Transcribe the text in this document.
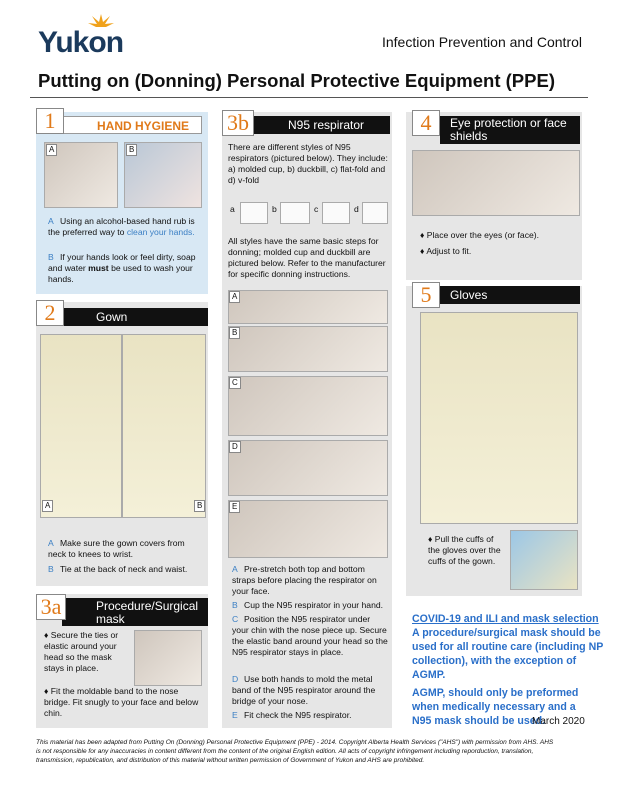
Yukon	Infection Prevention and Control
Putting on (Donning) Personal Protective Equipment (PPE)
HAND HYGIENE
1
A	B
A Using an alcohol-based hand rub is the preferred way to clean your hands.
B If your hands look or feel dirty, soap and water must be used to wash your hands.
Gown
2
A	B
A Make sure the gown covers from neck to knees to wrist.
B Tie at the back of neck and waist.
Procedure/Surgical mask
3a
♦ Secure the ties or elastic around your head so the mask stays in place.
♦ Fit the moldable band to the nose bridge. Fit snugly to your face and below chin.
N95 respirator
3b
There are different styles of N95 respirators (pictured below). They include: a) molded cup, b) duckbill, c) flat-fold and d) v-fold
a	b	c	d
All styles have the same basic steps for donning; molded cup and duckbill are pictured below. Refer to the manufacturer for specific donning instructions.
A
B
C
D
E
A Pre-stretch both top and bottom straps before placing the respirator on your face.
B Cup the N95 respirator in your hand.
C Position the N95 respirator under your chin with the nose piece up. Secure the elastic band around your head so the N95 respirator stays in place.
D Use both hands to mold the metal band of the N95 respirator around the bridge of your nose.
E Fit check the N95 respirator.
Eye protection or face shields
4
♦ Place over the eyes (or face).
♦ Adjust to fit.
Gloves
5
♦ Pull the cuffs of the gloves over the cuffs of the gown.
COVID-19 and ILI and mask selection
A procedure/surgical mask should be used for all routine care (including NP collection), with the exception of AGMP.
AGMP, should only be preformed when medically necessary and a N95 mask should be used.
March 2020
This material has been adapted from Putting On (Donning) Personal Protective Equipment (PPE) - 2014. Copyright Alberta Health Services ("AHS") with permission from AHS. AHS is not responsible for any inaccuracies in content different from the content of the original English edition. All acts of copyright infringement including reporduction, translation, transmission, republication, and distribution of this material without written permission of Government of Yukon and AHS are prohibited.
